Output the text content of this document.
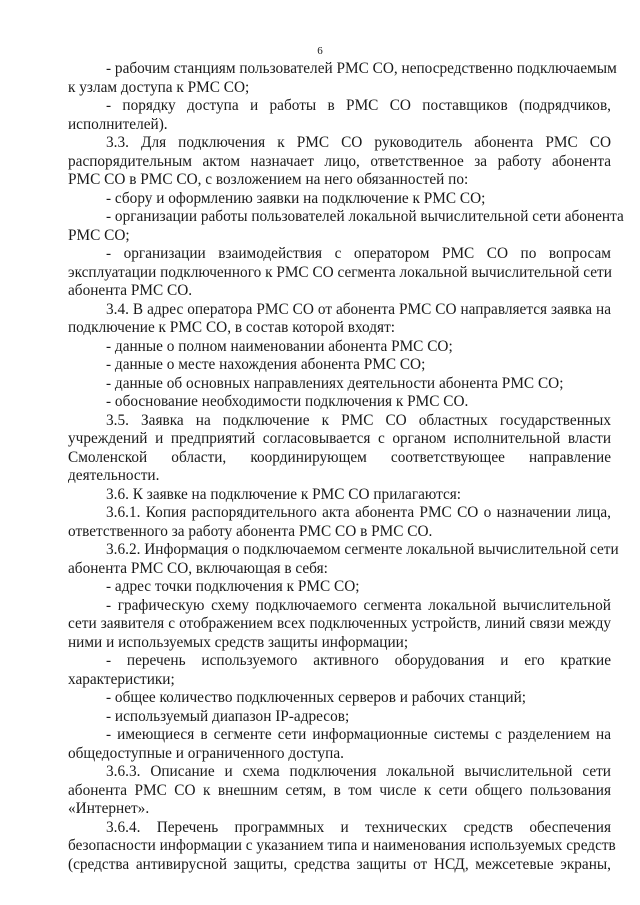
6
- рабочим станциям пользователей РМС СО, непосредственно подключаемым
к узлам доступа к РМС СО;
- порядку доступа и работы в РМС СО поставщиков (подрядчиков,
исполнителей).
3.3. Для подключения к РМС СО руководитель абонента РМС СО
распорядительным актом назначает лицо, ответственное за работу абонента
РМС СО в РМС СО, с возложением на него обязанностей по:
- сбору и оформлению заявки на подключение к РМС СО;
- организации работы пользователей локальной вычислительной сети абонента
РМС СО;
- организации взаимодействия с оператором РМС СО по вопросам
эксплуатации подключенного к РМС СО сегмента локальной вычислительной сети
абонента РМС СО.
3.4. В адрес оператора РМС СО от абонента РМС СО направляется заявка на
подключение к РМС СО, в состав которой входят:
- данные о полном наименовании абонента РМС СО;
- данные о месте нахождения абонента РМС СО;
- данные об основных направлениях деятельности абонента РМС СО;
- обоснование необходимости подключения к РМС СО.
3.5. Заявка на подключение к РМС СО областных государственных
учреждений и предприятий согласовывается с органом исполнительной власти
Смоленской области, координирующем соответствующее направление
деятельности.
3.6. К заявке на подключение к РМС СО прилагаются:
3.6.1. Копия распорядительного акта абонента РМС СО о назначении лица,
ответственного за работу абонента РМС СО в РМС СО.
3.6.2. Информация о подключаемом сегменте локальной вычислительной сети
абонента РМС СО, включающая в себя:
- адрес точки подключения к РМС СО;
- графическую схему подключаемого сегмента локальной вычислительной
сети заявителя с отображением всех подключенных устройств, линий связи между
ними и используемых средств защиты информации;
- перечень используемого активного оборудования и его краткие
характеристики;
- общее количество подключенных серверов и рабочих станций;
- используемый диапазон IP-адресов;
- имеющиеся в сегменте сети информационные системы с разделением на
общедоступные и ограниченного доступа.
3.6.3. Описание и схема подключения локальной вычислительной сети
абонента РМС СО к внешним сетям, в том числе к сети общего пользования
«Интернет».
3.6.4. Перечень программных и технических средств обеспечения
безопасности информации с указанием типа и наименования используемых средств
(средства антивирусной защиты, средства защиты от НСД, межсетевые экраны,
